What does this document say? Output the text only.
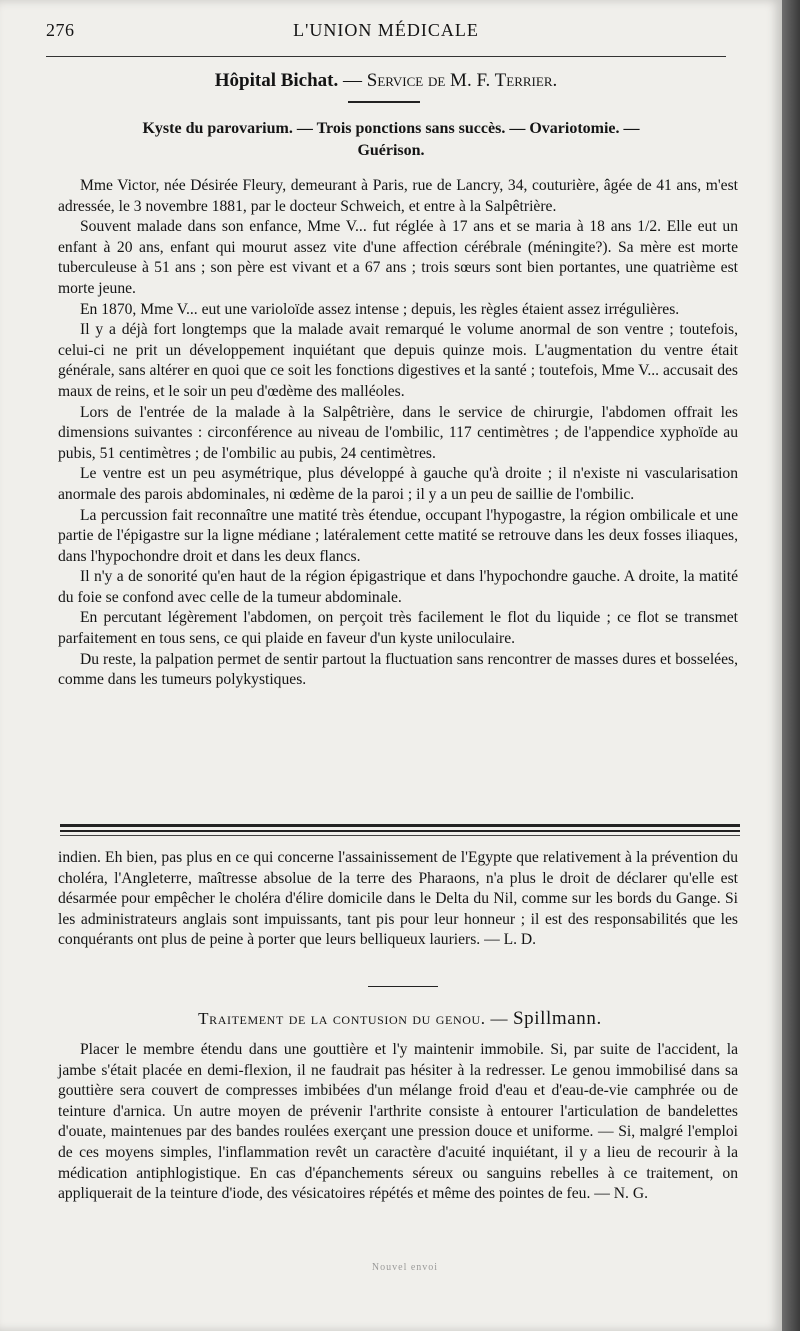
276	L'UNION MÉDICALE
Hôpital Bichat. — Service de M. F. Terrier.
Kyste du parovarium. — Trois ponctions sans succès. — Ovariotomie. —
Guérison.

Mme Victor, née Désirée Fleury, demeurant à Paris, rue de Lancry, 34, couturière, âgée de 41 ans, m'est adressée, le 3 novembre 1881, par le docteur Schweich, et entre à la Salpêtrière.

Souvent malade dans son enfance, Mme V... fut réglée à 17 ans et se maria à 18 ans 1/2. Elle eut un enfant à 20 ans, enfant qui mourut assez vite d'une affection cérébrale (méningite?). Sa mère est morte tuberculeuse à 51 ans ; son père est vivant et a 67 ans ; trois sœurs sont bien portantes, une quatrième est morte jeune.

En 1870, Mme V... eut une varioloïde assez intense ; depuis, les règles étaient assez irrégulières.

Il y a déjà fort longtemps que la malade avait remarqué le volume anormal de son ventre ; toutefois, celui-ci ne prit un développement inquiétant que depuis quinze mois. L'augmentation du ventre était générale, sans altérer en quoi que ce soit les fonctions digestives et la santé ; toutefois, Mme V... accusait des maux de reins, et le soir un peu d'œdème des malléoles.

Lors de l'entrée de la malade à la Salpêtrière, dans le service de chirurgie, l'abdomen offrait les dimensions suivantes : circonférence au niveau de l'ombilic, 117 centimètres ; de l'appendice xyphoïde au pubis, 51 centimètres ; de l'ombilic au pubis, 24 centimètres.

Le ventre est un peu asymétrique, plus développé à gauche qu'à droite ; il n'existe ni vascularisation anormale des parois abdominales, ni œdème de la paroi ; il y a un peu de saillie de l'ombilic.

La percussion fait reconnaître une matité très étendue, occupant l'hypogastre, la région ombilicale et une partie de l'épigastre sur la ligne médiane ; latéralement cette matité se retrouve dans les deux fosses iliaques, dans l'hypochondre droit et dans les deux flancs.

Il n'y a de sonorité qu'en haut de la région épigastrique et dans l'hypochondre gauche. A droite, la matité du foie se confond avec celle de la tumeur abdominale.

En percutant légèrement l'abdomen, on perçoit très facilement le flot du liquide ; ce flot se transmet parfaitement en tous sens, ce qui plaide en faveur d'un kyste uniloculaire.

Du reste, la palpation permet de sentir partout la fluctuation sans rencontrer de masses dures et bosselées, comme dans les tumeurs polykystiques.

indien. Eh bien, pas plus en ce qui concerne l'assainissement de l'Egypte que relativement à la prévention du choléra, l'Angleterre, maîtresse absolue de la terre des Pharaons, n'a plus le droit de déclarer qu'elle est désarmée pour empêcher le choléra d'élire domicile dans le Delta du Nil, comme sur les bords du Gange. Si les administrateurs anglais sont impuissants, tant pis pour leur honneur ; il est des responsabilités que les conquérants ont plus de peine à porter que leurs belliqueux lauriers. — L. D.

Traitement de la contusion du genou. — Spillmann.

Placer le membre étendu dans une gouttière et l'y maintenir immobile. Si, par suite de l'accident, la jambe s'était placée en demi-flexion, il ne faudrait pas hésiter à la redresser. Le genou immobilisé dans sa gouttière sera couvert de compresses imbibées d'un mélange froid d'eau et d'eau-de-vie camphrée ou de teinture d'arnica. Un autre moyen de prévenir l'arthrite consiste à entourer l'articulation de bandelettes d'ouate, maintenues par des bandes roulées exerçant une pression douce et uniforme. — Si, malgré l'emploi de ces moyens simples, l'inflammation revêt un caractère d'acuité inquiétant, il y a lieu de recourir à la médication antiphlogistique. En cas d'épanchements séreux ou sanguins rebelles à ce traitement, on appliquerait de la teinture d'iode, des vésicatoires répétés et même des pointes de feu. — N. G.

Nouvel envoi
